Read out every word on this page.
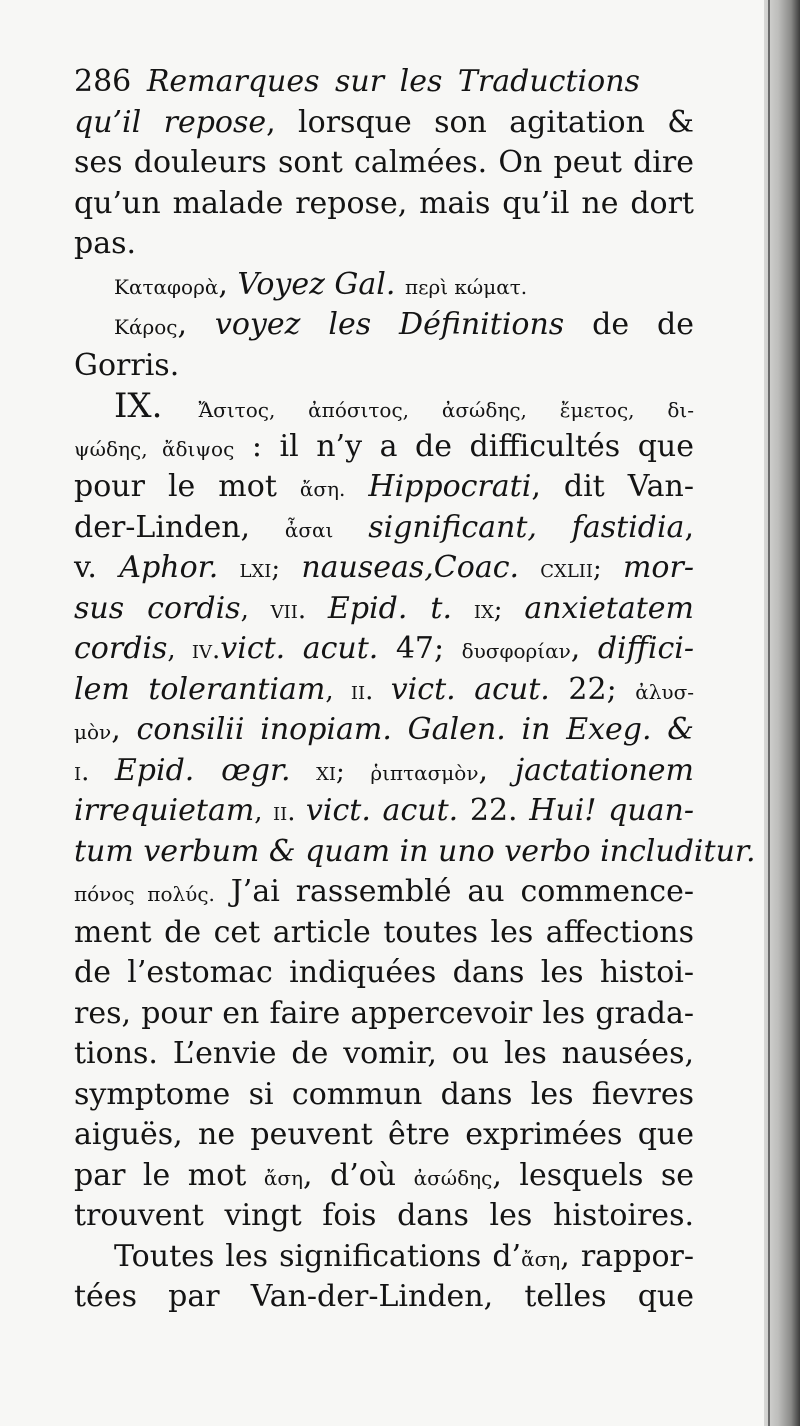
286 Remarques sur les Traductions
qu’il repose, lorsque son agitation &
ses douleurs sont calmées. On peut dire
qu’un malade repose, mais qu’il ne dort
pas.
Καταφορὰ, Voyez Gal. περὶ κώματ.
Κάρος, voyez les Définitions de de
Gorris.
IX. Ἄσιτος, ἀπόσιτος, ἀσώδης, ἔμετος, δι-
ψώδης, ἄδιψος : il n’y a de difficultés que
pour le mot ἄση. Hippocrati, dit Van-
der-Linden, ἆσαι significant, fastidia,
v. Aphor. lxi; nauseas,Coac. cxlii; mor-
sus cordis, vii. Epid. t. ix; anxietatem
cordis, iv.vict. acut. 47; δυσφορίαν, diffici-
lem tolerantiam, ii. vict. acut. 22; ἀλυσ-
μὸν, consilii inopiam. Galen. in Exeg. &
i. Epid. œgr. xi; ῥιπτασμὸν, jactationem
irrequietam, ii. vict. acut. 22. Hui! quan-
tum verbum & quam in uno verbo includitur.
πόνος πολύς. J’ai rassemblé au commence-
ment de cet article toutes les affections
de l’estomac indiquées dans les histoi-
res, pour en faire appercevoir les grada-
tions. L’envie de vomir, ou les nausées,
symptome si commun dans les fievres
aiguës, ne peuvent être exprimées que
par le mot ἄση, d’où ἀσώδης, lesquels se
trouvent vingt fois dans les histoires.
Toutes les significations d’ἄση, rappor-
tées par Van-der-Linden, telles que
